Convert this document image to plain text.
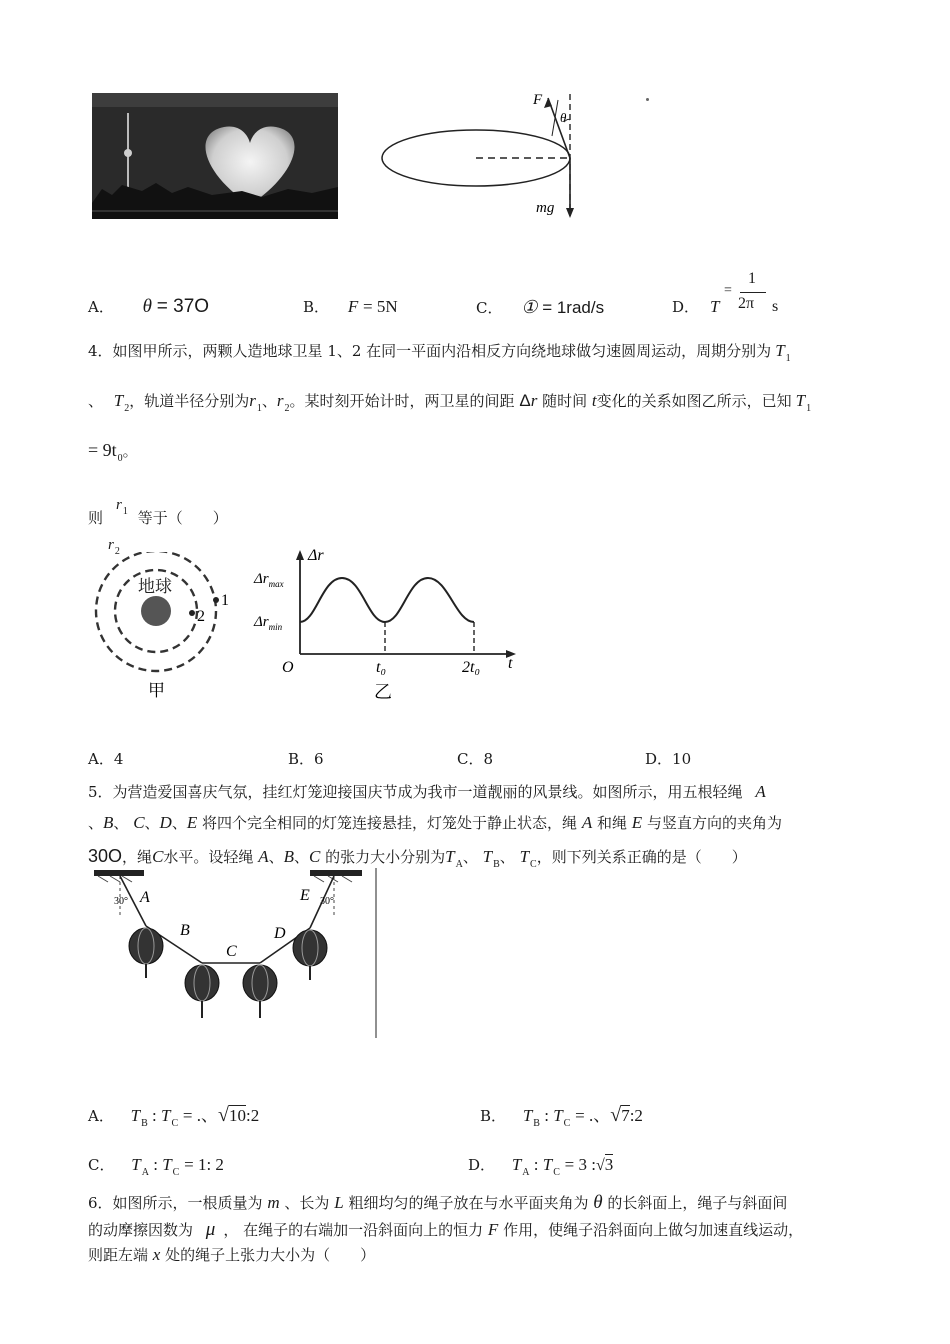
F
θ
mg
A． θ = 37O	B． F = 5N	C． ① = 1rad/s	D． T
=
1
2π s
4．如图甲所示，两颗人造地球卫星 1、2 在同一平面内沿相反方向绕地球做匀速圆周运动，周期分别为 $T_1$
、 $T_2$，轨道半径分别为$r_1$、$r_2$。某时刻开始计时，两卫星的间距 Δr 随时间 t变化的关系如图乙所示，已知 $T_1$
= $9t_0$。
则 等于（　　）
$r_1$
$r_2$
地球
1
2
甲
Δr
$\Delta r_{max}$
$\Delta r_{min}$
O	t₀	2t₀ t
乙
A．4	B．6	C．8	D．10
5．为营造爱国喜庆气氛，挂红灯笼迎接国庆节成为我市一道靓丽的风景线。如图所示，用五根轻绳 A
、B、 C、D、E 将四个完全相同的灯笼连接悬挂，灯笼处于静止状态，绳 A 和绳 E 与竖直方向的夹角为
30O，绳C水平。设轻绳 A、B、C 的张力大小分别为$T_A$、 $T_B$、 $T_C$，则下列关系正确的是（　　）
30°	30°
A
B
C
D
E
A． $T_B$ : $T_C$ = .、√10:2	B． $T_B$ : $T_C$ = .、√7:2
C． $T_A$ : $T_C = 1$: 2	D． $T_A$ : $T_C = 3$ :√3
6．如图所示，一根质量为 m 、长为 L 粗细均匀的绳子放在与水平面夹角为 θ 的长斜面上，绳子与斜面间
的动摩擦因数为 μ ， 在绳子的右端加一沿斜面向上的恒力 F 作用，使绳子沿斜面向上做匀加速直线运动，
则距左端 x 处的绳子上张力大小为（　　）
